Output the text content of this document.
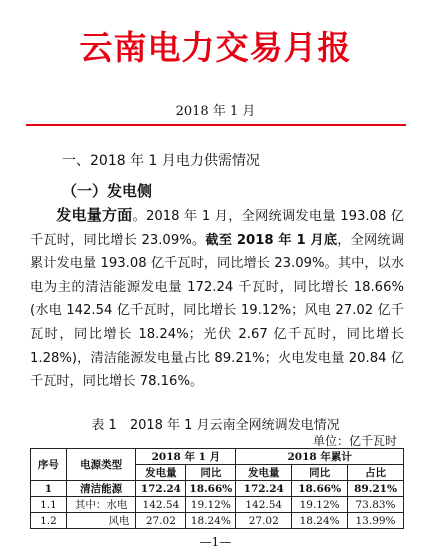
云南电力交易月报
2018 年 1 月
一、2018 年 1 月电力供需情况
（一）发电侧
发电量方面。2018 年 1 月，全网统调发电量 193.08 亿千瓦时，同比增长 23.09%。截至 2018 年 1 月底，全网统调累计发电量 193.08 亿千瓦时，同比增长 23.09%。其中，以水电为主的清洁能源发电量 172.24 千瓦时，同比增长 18.66%(水电 142.54 亿千瓦时，同比增长 19.12%；风电 27.02 亿千瓦时，同比增长 18.24%；光伏 2.67 亿千瓦时，同比增长 1.28%)，清洁能源发电量占比 89.21%；火电发电量 20.84 亿千瓦时，同比增长 78.16%。
表 1　2018 年 1 月云南全网统调发电情况
单位：亿千瓦时
序号	电源类型	2018 年 1 月		2018 年累计		
		发电量	同比	发电量	同比	占比
1	清洁能源	172.24	18.66%	172.24	18.66%	89.21%
1.1	其中：水电	142.54	19.12%	142.54	19.12%	73.83%
1.2	风电	27.02	18.24%	27.02	18.24%	13.99%
—1—
